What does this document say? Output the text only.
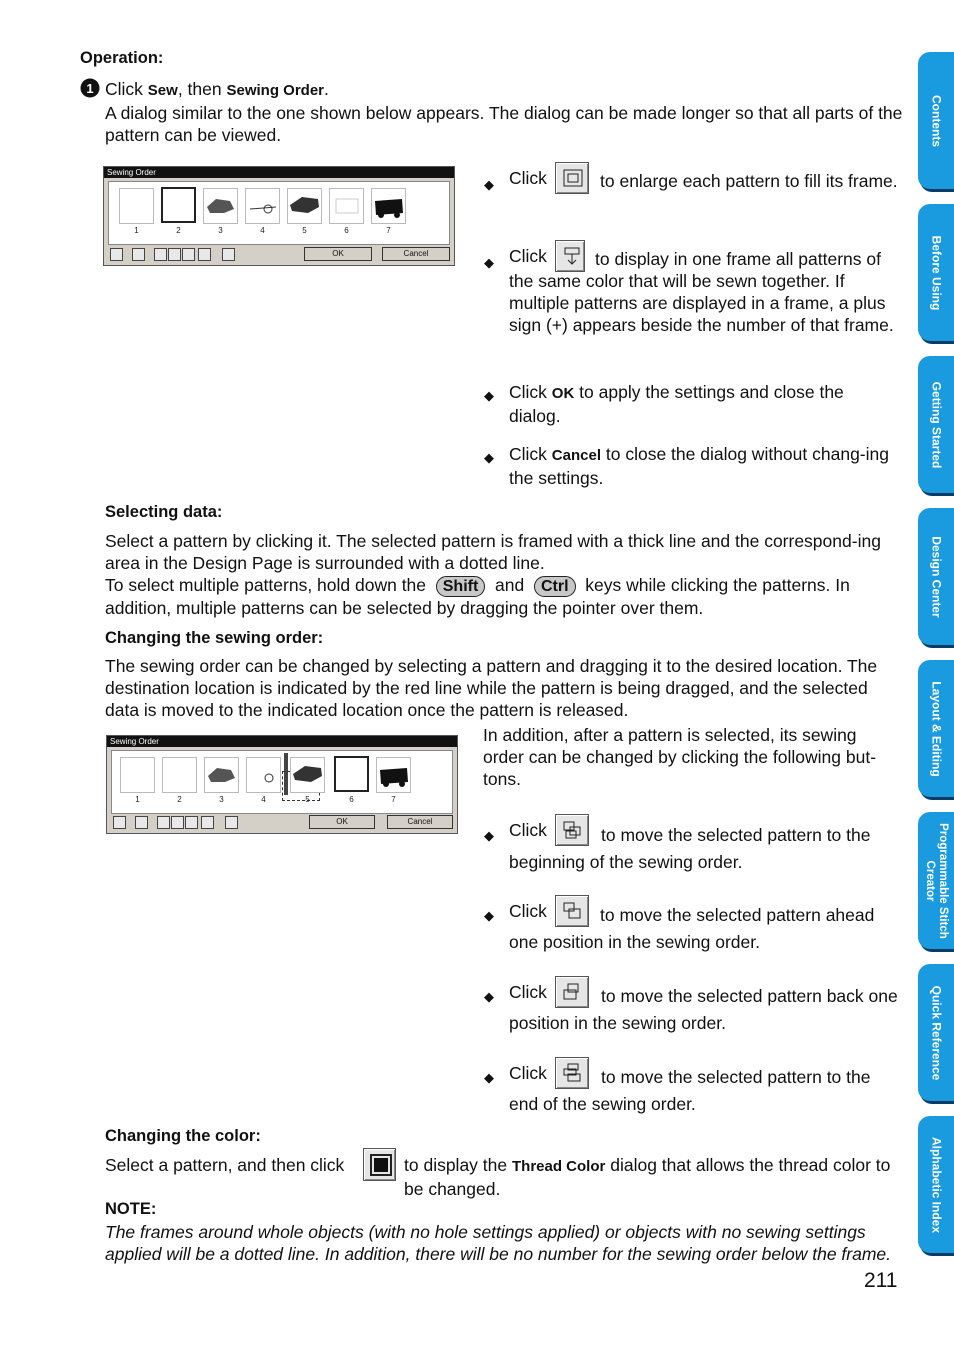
Operation:
1 Click Sew, then Sewing Order.
A dialog similar to the one shown below appears. The dialog can be made longer so that all parts of the pattern can be viewed.
Sewing Order
1	2	3	4	5	6	7
OK	Cancel
◆ Click	to enlarge each pattern to fill its frame.
◆ Click	to display in one frame all patterns of the same color that will be sewn together. If multiple patterns are displayed in a frame, a plus sign (+) appears beside the number of that frame.
◆ Click OK to apply the settings and close the dialog.
◆ Click Cancel to close the dialog without chang-ing the settings.
Selecting data:
Select a pattern by clicking it. The selected pattern is framed with a thick line and the correspond-ing area in the Design Page is surrounded with a dotted line.
To select multiple patterns, hold down the Shift and Ctrl keys while clicking the patterns. In addition, multiple patterns can be selected by dragging the pointer over them.
Changing the sewing order:
The sewing order can be changed by selecting a pattern and dragging it to the desired location. The destination location is indicated by the red line while the pattern is being dragged, and the selected data is moved to the indicated location once the pattern is released.
In addition, after a pattern is selected, its sewing order can be changed by clicking the following but-tons.
Sewing Order
1	2	3	4	5	6	7
OK	Cancel
◆ Click	to move the selected pattern to the beginning of the sewing order.
◆ Click	to move the selected pattern ahead one position in the sewing order.
◆ Click	to move the selected pattern back one position in the sewing order.
◆ Click	to move the selected pattern to the end of the sewing order.
Changing the color:
Select a pattern, and then click	to display the Thread Color dialog that allows the thread color to be changed.
NOTE:
The frames around whole objects (with no hole settings applied) or objects with no sewing settings applied will be a dotted line. In addition, there will be no number for the sewing order below the frame.
211
Contents
Before Using
Getting Started
Design Center
Layout & Editing
Programmable Stitch Creator
Quick Reference
Alphabetic Index
